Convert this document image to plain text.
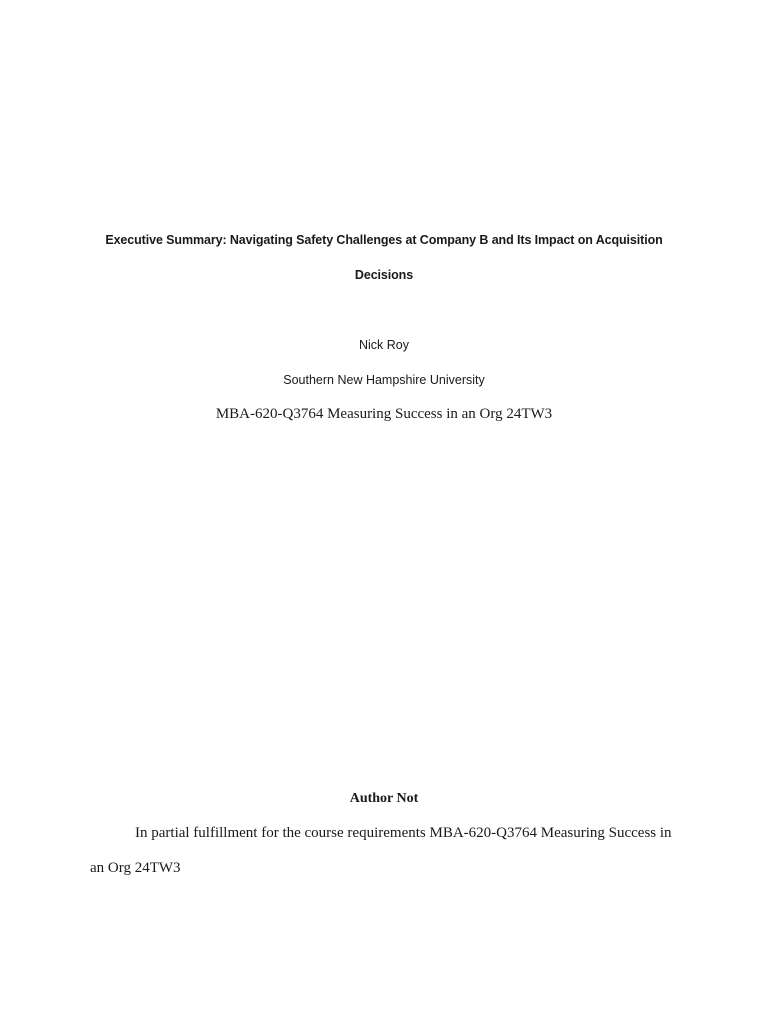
Executive Summary: Navigating Safety Challenges at Company B and Its Impact on Acquisition
Decisions
Nick Roy
Southern New Hampshire University
MBA-620-Q3764 Measuring Success in an Org 24TW3
Author Not
In partial fulfillment for the course requirements MBA-620-Q3764 Measuring Success in
an Org 24TW3
